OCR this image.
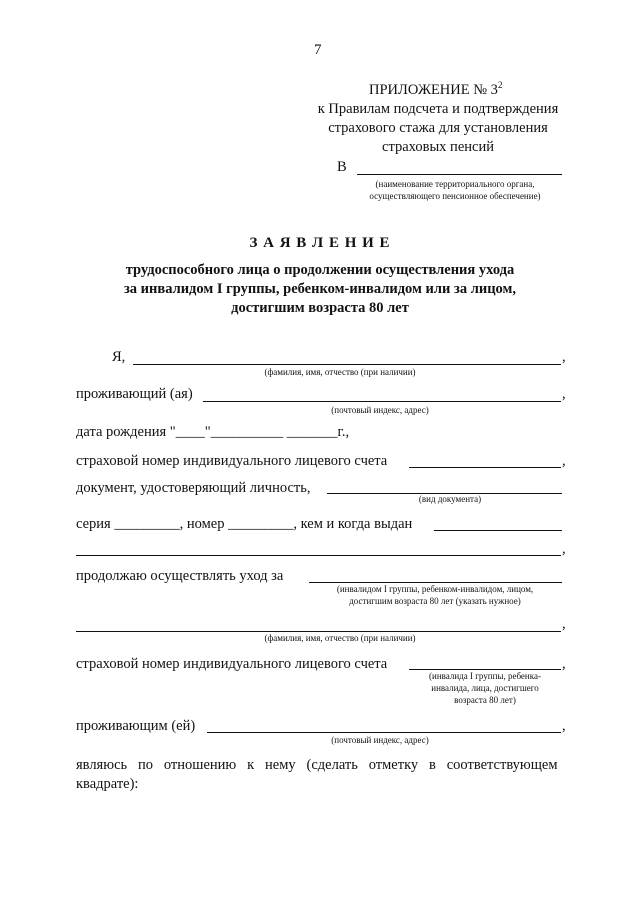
7
ПРИЛОЖЕНИЕ № $3^2$
к Правилам подсчета и подтверждения
страхового стажа для установления
страховых пенсий
В
(наименование территориального органа,
осуществляющего пенсионное обеспечение)
З А Я В Л Е Н И Е
трудоспособного лица о продолжении осуществления ухода
за инвалидом I группы, ребенком-инвалидом или за лицом,
достигшим возраста 80 лет
Я,	,
(фамилия, имя, отчество (при наличии)
проживающий (ая)	,
(почтовый индекс, адрес)
дата рождения "____"__________ _______г.,
страховой номер индивидуального лицевого счета	,
документ, удостоверяющий личность,
(вид документа)
серия _________, номер _________, кем и когда выдан
,
продолжаю осуществлять уход за
(инвалидом I группы, ребенком-инвалидом, лицом,
достигшим возраста 80 лет (указать нужное)
,
(фамилия, имя, отчество (при наличии)
страховой номер индивидуального лицевого счета	,
(инвалида I группы, ребенка-
инвалида, лица, достигшего
возраста 80 лет)
проживающим (ей)	,
(почтовый индекс, адрес)
являюсь   по   отношению   к   нему   (сделать   отметку   в   соответствующем
квадрате):
